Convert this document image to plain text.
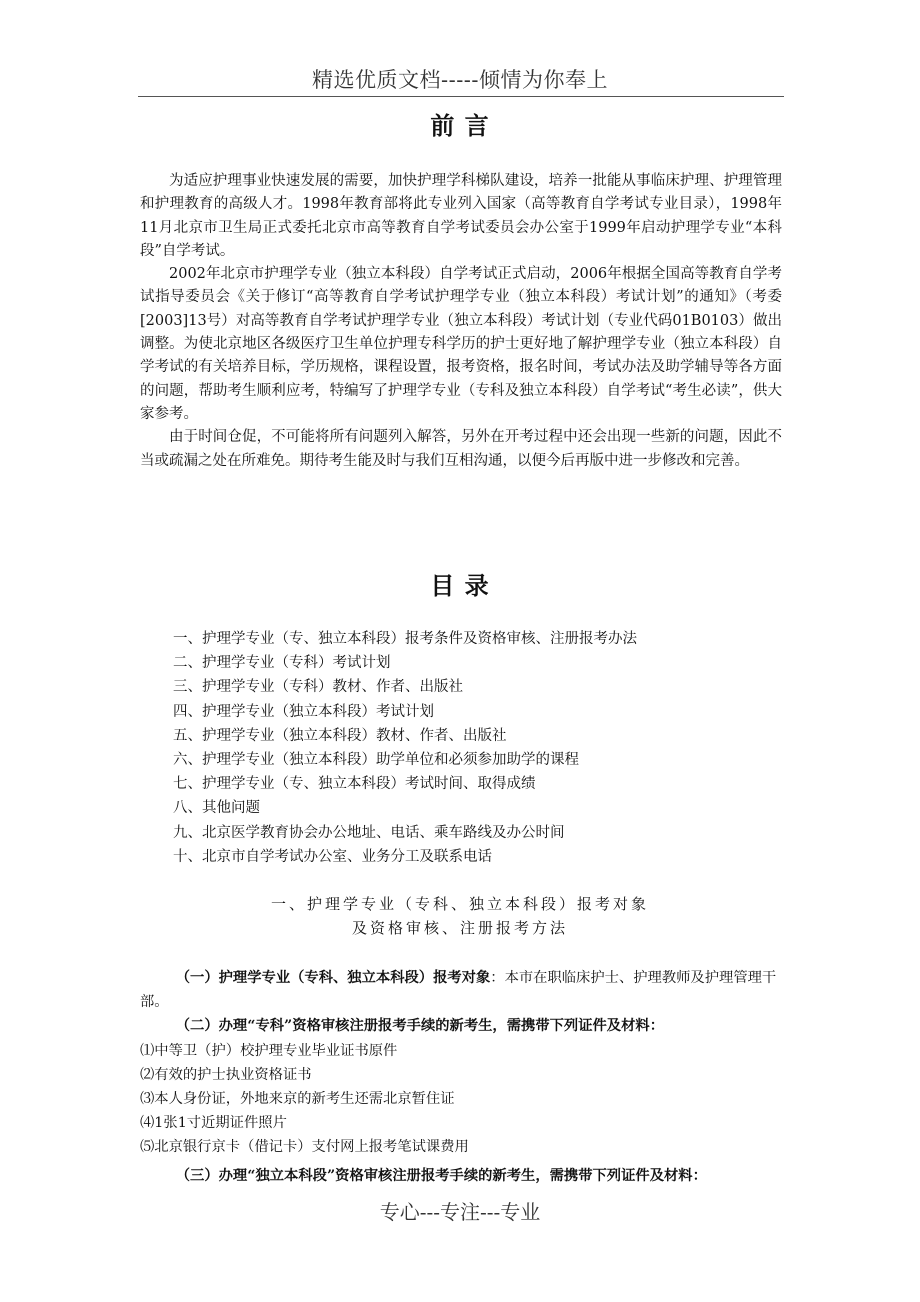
精选优质文档-----倾情为你奉上
前 言

为适应护理事业快速发展的需要，加快护理学科梯队建设，培养一批能从事临床护理、护理管理和护理教育的高级人才。1998年教育部将此专业列入国家（高等教育自学考试专业目录），1998年11月北京市卫生局正式委托北京市高等教育自学考试委员会办公室于1999年启动护理学专业“本科段”自学考试。

2002年北京市护理学专业（独立本科段）自学考试正式启动，2006年根据全国高等教育自学考试指导委员会《关于修订“高等教育自学考试护理学专业（独立本科段）考试计划”的通知》（考委[2003]13号）对高等教育自学考试护理学专业（独立本科段）考试计划（专业代码01B0103）做出调整。为使北京地区各级医疗卫生单位护理专科学历的护士更好地了解护理学专业（独立本科段）自学考试的有关培养目标，学历规格，课程设置，报考资格，报名时间，考试办法及助学辅导等各方面的问题，帮助考生顺利应考，特编写了护理学专业（专科及独立本科段）自学考试“考生必读”，供大家参考。

由于时间仓促，不可能将所有问题列入解答，另外在开考过程中还会出现一些新的问题，因此不当或疏漏之处在所难免。期待考生能及时与我们互相沟通，以便今后再版中进一步修改和完善。

目 录
一、护理学专业（专、独立本科段）报考条件及资格审核、注册报考办法
二、护理学专业（专科）考试计划
三、护理学专业（专科）教材、作者、出版社
四、护理学专业（独立本科段）考试计划
五、护理学专业（独立本科段）教材、作者、出版社
六、护理学专业（独立本科段）助学单位和必须参加助学的课程
七、护理学专业（专、独立本科段）考试时间、取得成绩
八、其他问题
九、北京医学教育协会办公地址、电话、乘车路线及办公时间
十、北京市自学考试办公室、业务分工及联系电话
一、护理学专业（专科、独立本科段）报考对象
及资格审核、注册报考方法
（一）护理学专业（专科、独立本科段）报考对象：本市在职临床护士、护理教师及护理管理干部。
（二）办理“专科”资格审核注册报考手续的新考生，需携带下列证件及材料：
⑴中等卫（护）校护理专业毕业证书原件
⑵有效的护士执业资格证书
⑶本人身份证，外地来京的新考生还需北京暂住证
⑷1张1寸近期证件照片
⑸北京银行京卡（借记卡）支付网上报考笔试课费用
（三）办理“独立本科段”资格审核注册报考手续的新考生，需携带下列证件及材料：
专心---专注---专业
